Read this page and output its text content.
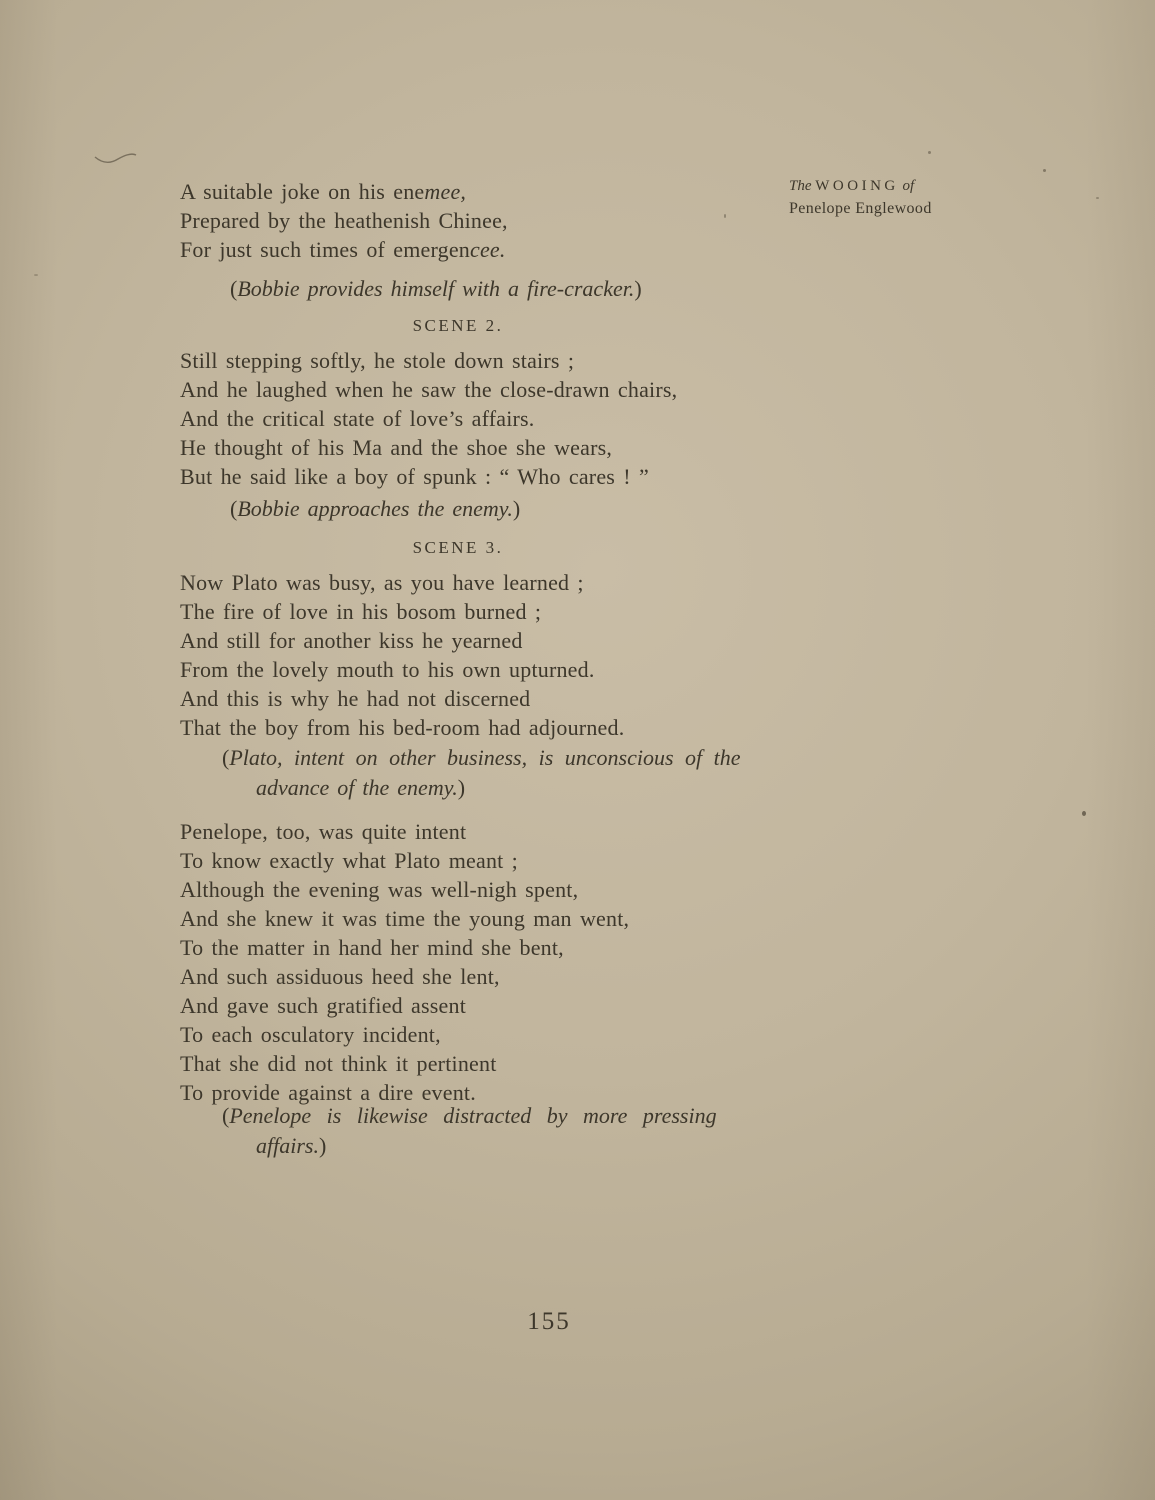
The WOOING of
Penelope Englewood
A suitable joke on his enemee,
Prepared by the heathenish Chinee,
For just such times of emergencee.
(Bobbie provides himself with a fire-cracker.)
SCENE 2.
Still stepping softly, he stole down stairs ;
And he laughed when he saw the close-drawn chairs,
And the critical state of love’s affairs.
He thought of his Ma and the shoe she wears,
But he said like a boy of spunk : “ Who cares ! ”
(Bobbie approaches the enemy.)
SCENE 3.
Now Plato was busy, as you have learned ;
The fire of love in his bosom burned ;
And still for another kiss he yearned
From the lovely mouth to his own upturned.
And this is why he had not discerned
That the boy from his bed-room had adjourned.
(Plato, intent on other business, is unconscious of the
advance of the enemy.)
Penelope, too, was quite intent
To know exactly what Plato meant ;
Although the evening was well-nigh spent,
And she knew it was time the young man went,
To the matter in hand her mind she bent,
And such assiduous heed she lent,
And gave such gratified assent
To each osculatory incident,
That she did not think it pertinent
To provide against a dire event.
(Penelope is likewise distracted by more pressing
affairs.)
155
